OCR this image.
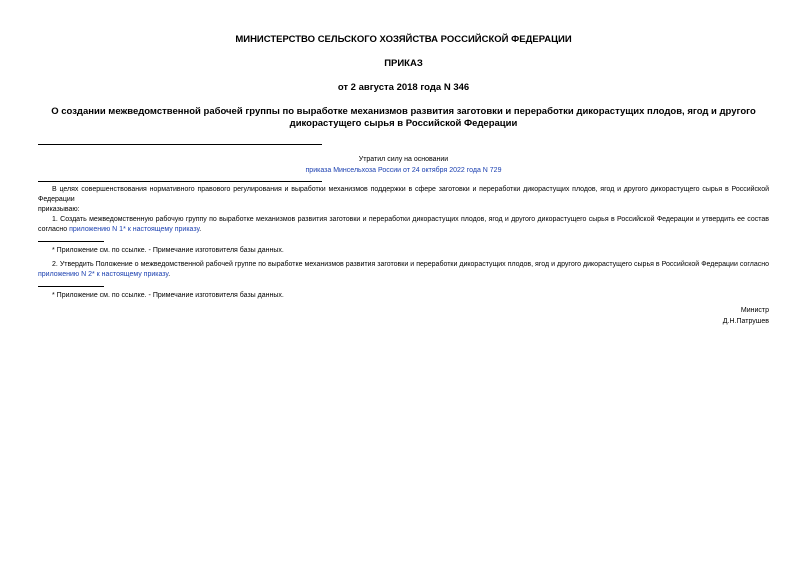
МИНИСТЕРСТВО СЕЛЬСКОГО ХОЗЯЙСТВА РОССИЙСКОЙ ФЕДЕРАЦИИ
ПРИКАЗ
от 2 августа 2018 года N 346
О создании межведомственной рабочей группы по выработке механизмов развития заготовки и переработки дикорастущих плодов, ягод и другого дикорастущего сырья в Российской Федерации
Утратил силу на основании
приказа Минсельхоза России от 24 октября 2022 года N 729
В целях совершенствования нормативного правового регулирования и выработки механизмов поддержки в сфере заготовки и переработки дикорастущих плодов, ягод и другого дикорастущего сырья в Российской Федерации
приказываю:
1. Создать межведомственную рабочую группу по выработке механизмов развития заготовки и переработки дикорастущих плодов, ягод и другого дикорастущего сырья в Российской Федерации и утвердить ее состав согласно приложению N 1* к настоящему приказу.
* Приложение см. по ссылке. - Примечание изготовителя базы данных.
2. Утвердить Положение о межведомственной рабочей группе по выработке механизмов развития заготовки и переработки дикорастущих плодов, ягод и другого дикорастущего сырья в Российской Федерации согласно приложению N 2* к настоящему приказу.
* Приложение см. по ссылке. - Примечание изготовителя базы данных.
Министр
Д.Н.Патрушев
